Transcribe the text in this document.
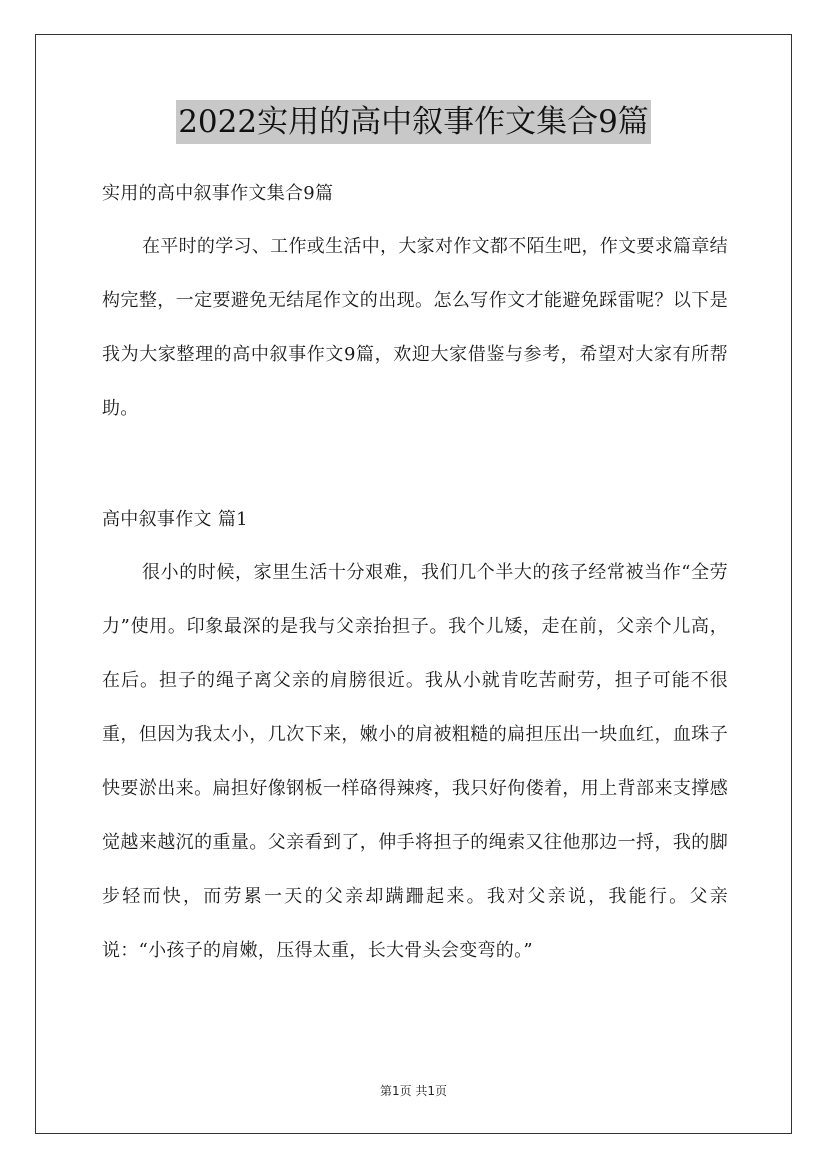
2022实用的高中叙事作文集合9篇
实用的高中叙事作文集合9篇
在平时的学习、工作或生活中，大家对作文都不陌生吧，作文要求篇章结构完整，一定要避免无结尾作文的出现。怎么写作文才能避免踩雷呢？以下是我为大家整理的高中叙事作文9篇，欢迎大家借鉴与参考，希望对大家有所帮助。
高中叙事作文 篇1
很小的时候，家里生活十分艰难，我们几个半大的孩子经常被当作“全劳力”使用。印象最深的是我与父亲抬担子。我个儿矮，走在前，父亲个儿高，在后。担子的绳子离父亲的肩膀很近。我从小就肯吃苦耐劳，担子可能不很重，但因为我太小，几次下来，嫩小的肩被粗糙的扁担压出一块血红，血珠子快要淤出来。扁担好像钢板一样硌得辣疼，我只好佝偻着，用上背部来支撑感觉越来越沉的重量。父亲看到了，伸手将担子的绳索又往他那边一捋，我的脚步轻而快，而劳累一天的父亲却蹒跚起来。我对父亲说，我能行。父亲说：“小孩子的肩嫩，压得太重，长大骨头会变弯的。”
第1页 共1页
